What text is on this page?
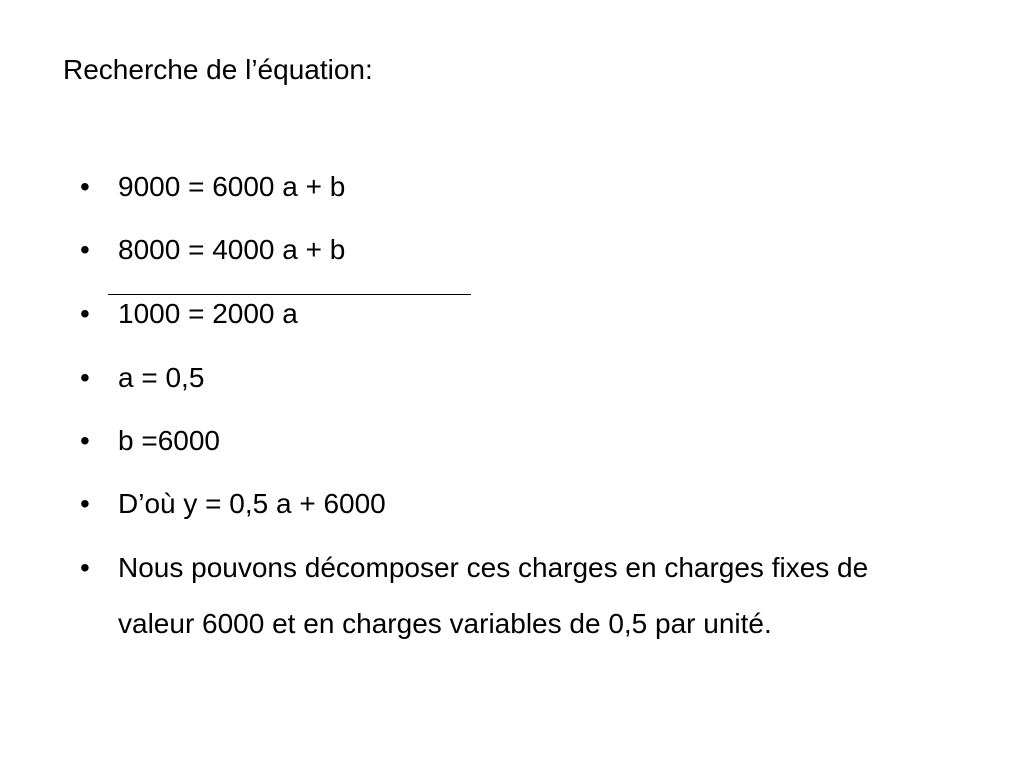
Recherche de l’équation:
• 9000 = 6000 a + b
• 8000 = 4000 a + b
• 1000 = 2000 a
• a = 0,5
• b =6000
• D’où y = 0,5 a + 6000
• Nous pouvons décomposer ces charges en charges fixes de valeur 6000 et en charges variables de 0,5 par unité.
